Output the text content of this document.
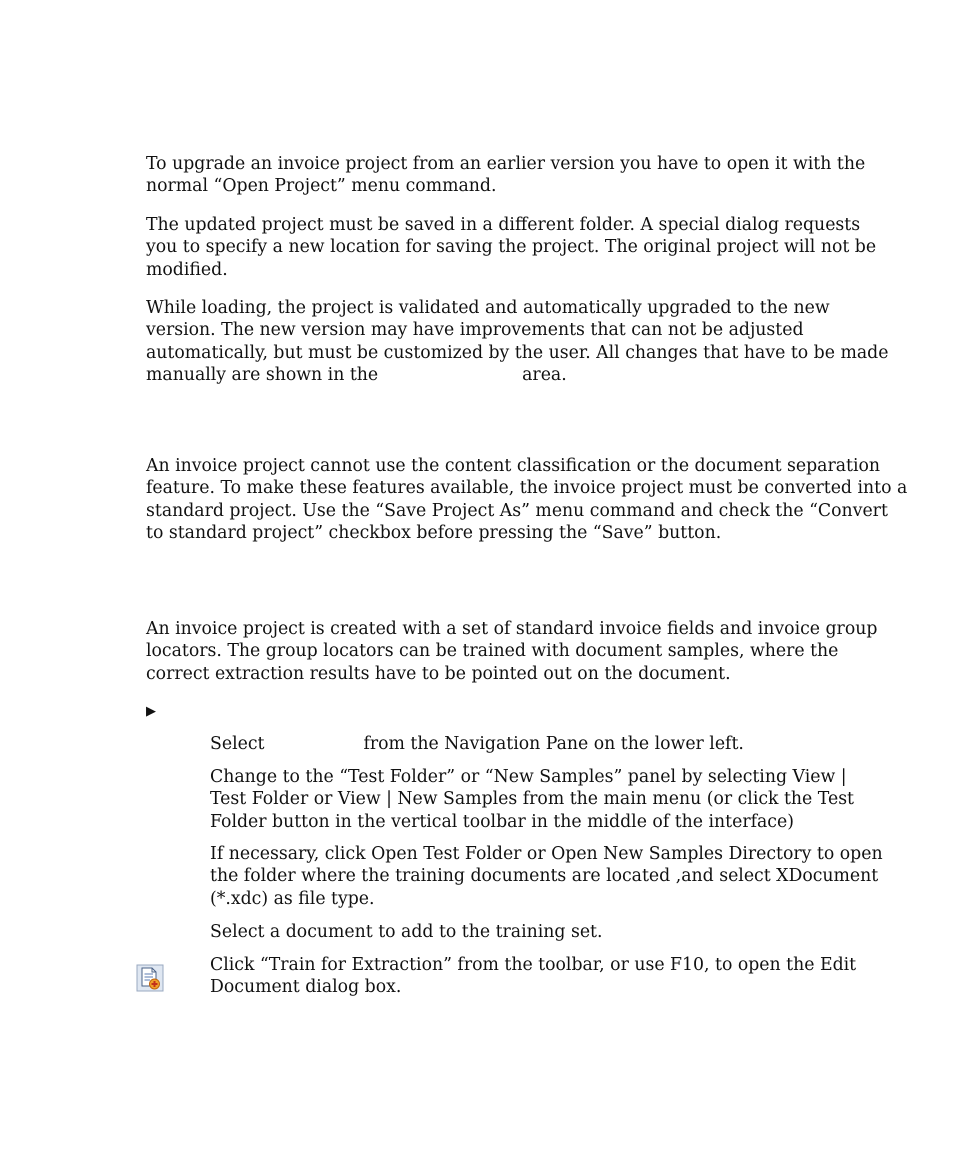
To upgrade an invoice project from an earlier version you have to open it with the
normal “Open Project” menu command.

The updated project must be saved in a different folder. A special dialog requests
you to specify a new location for saving the project. The original project will not be
modified.

While loading, the project is validated and automatically upgraded to the new
version. The new version may have improvements that can not be adjusted
automatically, but must be customized by the user. All changes that have to be made
manually are shown in the	area.

An invoice project cannot use the content classification or the document separation
feature. To make these features available, the invoice project must be converted into a
standard project. Use the “Save Project As” menu command and check the “Convert
to standard project” checkbox before pressing the “Save” button.

An invoice project is created with a set of standard invoice fields and invoice group
locators. The group locators can be trained with document samples, where the
correct extraction results have to be pointed out on the document.

▶

Select	from the Navigation Pane on the lower left.

Change to the “Test Folder” or “New Samples” panel by selecting View |
Test Folder or View | New Samples from the main menu (or click the Test
Folder button in the vertical toolbar in the middle of the interface)

If necessary, click Open Test Folder or Open New Samples Directory to open
the folder where the training documents are located ,and select XDocument
(*.xdc) as file type.

Select a document to add to the training set.

Click “Train for Extraction” from the toolbar, or use F10, to open the Edit
Document dialog box.
